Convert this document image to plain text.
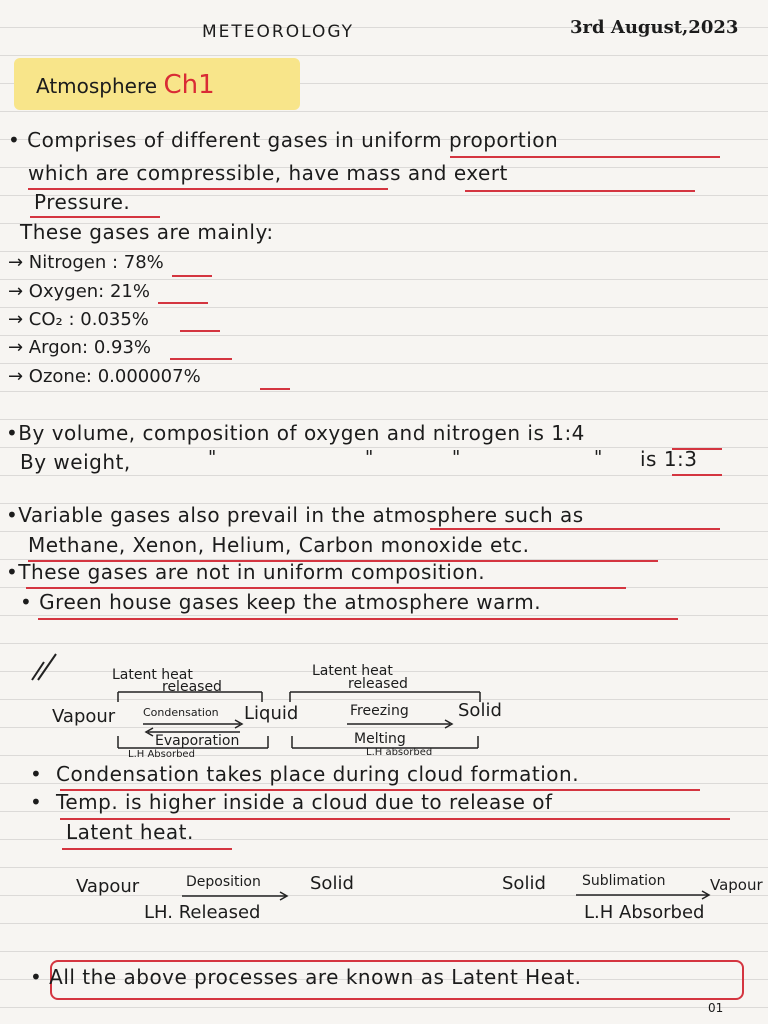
METEOROLOGY	3rd August,2023
Atmosphere Ch1
• Comprises of different gases in uniform proportion
which are compressible, have mass and exert
Pressure.
These gases are mainly:
→ Nitrogen : 78%
→ Oxygen: 21%
→ CO₂ : 0.035%
→ Argon: 0.93%
→ Ozone: 0.000007%
•By volume, composition of oxygen and nitrogen is 1:4
By weight,	"	"	"	" is 1:3
•Variable gases also prevail in the atmosphere such as
Methane, Xenon, Helium, Carbon monoxide etc.
•These gases are not in uniform composition.
• Green house gases keep the atmosphere warm.
Latent heat
released
Latent heat
released
Vapour	Condensation Liquid	Freezing	Solid
Evaporation	Melting
L.H Absorbed	L.H absorbed
•  Condensation takes place during cloud formation.
•  Temp. is higher inside a cloud due to release of
Latent heat.
Vapour	Deposition	Solid
LH. Released
Solid	Sublimation	Vapour
L.H Absorbed
• All the above processes are known as Latent Heat.
01
